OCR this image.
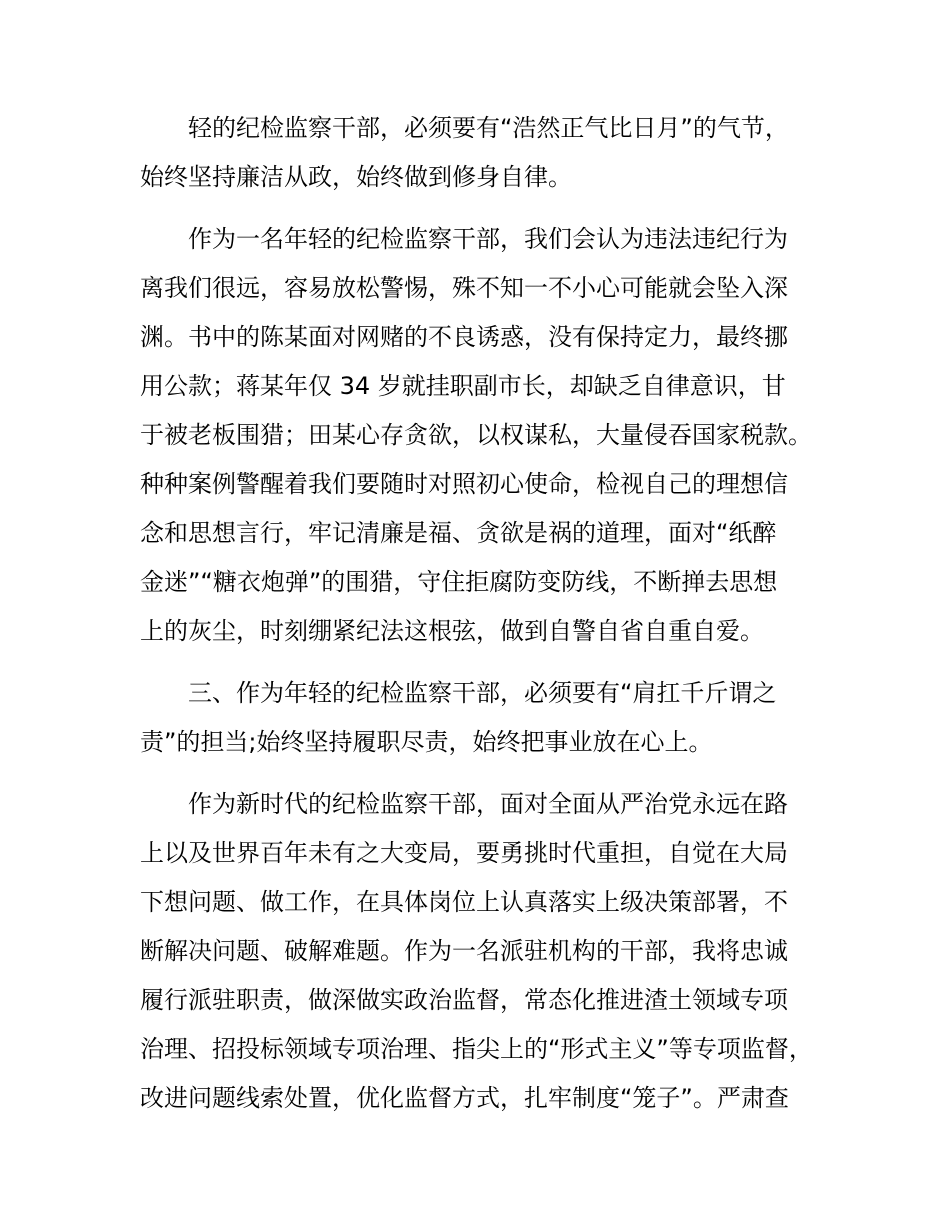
轻的纪检监察干部，必须要有“浩然正气比日月”的气节，
始终坚持廉洁从政，始终做到修身自律。
作为一名年轻的纪检监察干部，我们会认为违法违纪行为
离我们很远，容易放松警惕，殊不知一不小心可能就会坠入深
渊。书中的陈某面对网赌的不良诱惑，没有保持定力，最终挪
用公款；蒋某年仅 34 岁就挂职副市长，却缺乏自律意识，甘
于被老板围猎；田某心存贪欲，以权谋私，大量侵吞国家税款。
种种案例警醒着我们要随时对照初心使命，检视自己的理想信
念和思想言行，牢记清廉是福、贪欲是祸的道理，面对“纸醉
金迷”“糖衣炮弹”的围猎，守住拒腐防变防线，不断掸去思想
上的灰尘，时刻绷紧纪法这根弦，做到自警自省自重自爱。
三、作为年轻的纪检监察干部，必须要有“肩扛千斤谓之
责”的担当;始终坚持履职尽责，始终把事业放在心上。
作为新时代的纪检监察干部，面对全面从严治党永远在路
上以及世界百年未有之大变局，要勇挑时代重担，自觉在大局
下想问题、做工作，在具体岗位上认真落实上级决策部署，不
断解决问题、破解难题。作为一名派驻机构的干部，我将忠诚
履行派驻职责，做深做实政治监督，常态化推进渣土领域专项
治理、招投标领域专项治理、指尖上的“形式主义”等专项监督，
改进问题线索处置，优化监督方式，扎牢制度“笼子”。严肃查
